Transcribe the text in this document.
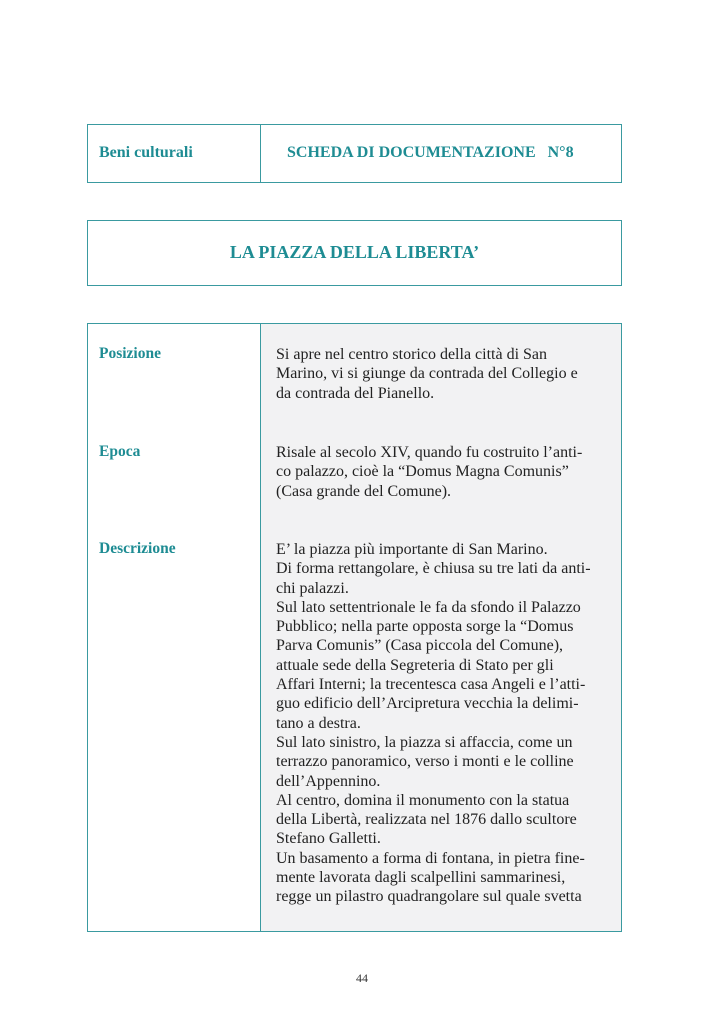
Beni culturali	SCHEDA DI DOCUMENTAZIONE   N°8
LA PIAZZA DELLA LIBERTA’
Posizione	Si apre nel centro storico della città di San
Marino, vi si giunge da contrada del Collegio e
da contrada del Pianello.
Epoca	Risale al secolo XIV, quando fu costruito l’anti-
co palazzo, cioè la “Domus Magna Comunis”
(Casa grande del Comune).
Descrizione	E’ la piazza più importante di San Marino.
Di forma rettangolare, è chiusa su tre lati da anti-
chi palazzi.
Sul lato settentrionale le fa da sfondo il Palazzo
Pubblico; nella parte opposta sorge la “Domus
Parva Comunis” (Casa piccola del Comune),
attuale sede della Segreteria di Stato per gli
Affari Interni; la trecentesca casa Angeli e l’atti-
guo edificio dell’Arcipretura vecchia la delimi-
tano a destra.
Sul lato sinistro, la piazza si affaccia, come un
terrazzo panoramico, verso i monti e le colline
dell’Appennino.
Al centro, domina il monumento con la statua
della Libertà, realizzata nel 1876 dallo scultore
Stefano Galletti.
Un basamento a forma di fontana, in pietra fine-
mente lavorata dagli scalpellini sammarinesi,
regge un pilastro quadrangolare sul quale svetta
44
